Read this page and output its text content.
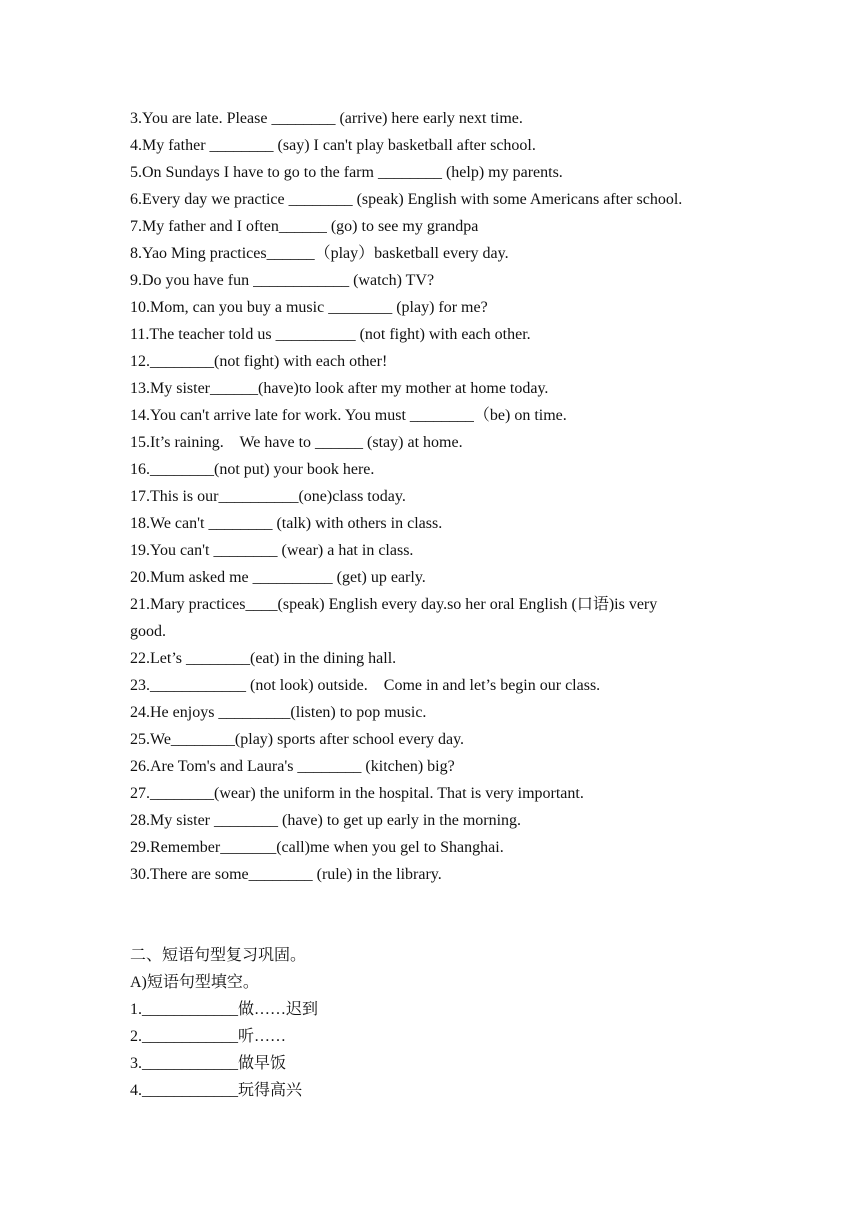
3.You are late. Please ________ (arrive) here early next time.
4.My father ________ (say) I can't play basketball after school.
5.On Sundays I have to go to the farm ________ (help) my parents.
6.Every day we practice ________ (speak) English with some Americans after school.
7.My father and I often______ (go) to see my grandpa
8.Yao Ming practices______（play）basketball every day.
9.Do you have fun ____________ (watch) TV?
10.Mom, can you buy a music ________ (play) for me?
11.The teacher told us __________ (not fight) with each other.
12.________(not fight) with each other!
13.My sister______(have)to look after my mother at home today.
14.You can't arrive late for work. You must ________（be) on time.
15.It’s raining.    We have to ______ (stay) at home.
16.________(not put) your book here.
17.This is our__________(one)class today.
18.We can't ________ (talk) with others in class.
19.You can't ________ (wear) a hat in class.
20.Mum asked me __________ (get) up early.
21.Mary practices____(speak) English every day.so her oral English (口语)is very
good.
22.Let’s ________(eat) in the dining hall.
23.____________ (not look) outside.    Come in and let’s begin our class.
24.He enjoys _________(listen) to pop music.
25.We________(play) sports after school every day.
26.Are Tom's and Laura's ________ (kitchen) big?
27.________(wear) the uniform in the hospital. That is very important.
28.My sister ________ (have) to get up early in the morning.
29.Remember_______(call)me when you gel to Shanghai.
30.There are some________ (rule) in the library.
二、短语句型复习巩固。
A)短语句型填空。
1.____________做……迟到
2.____________听……
3.____________做早饭
4.____________玩得高兴
